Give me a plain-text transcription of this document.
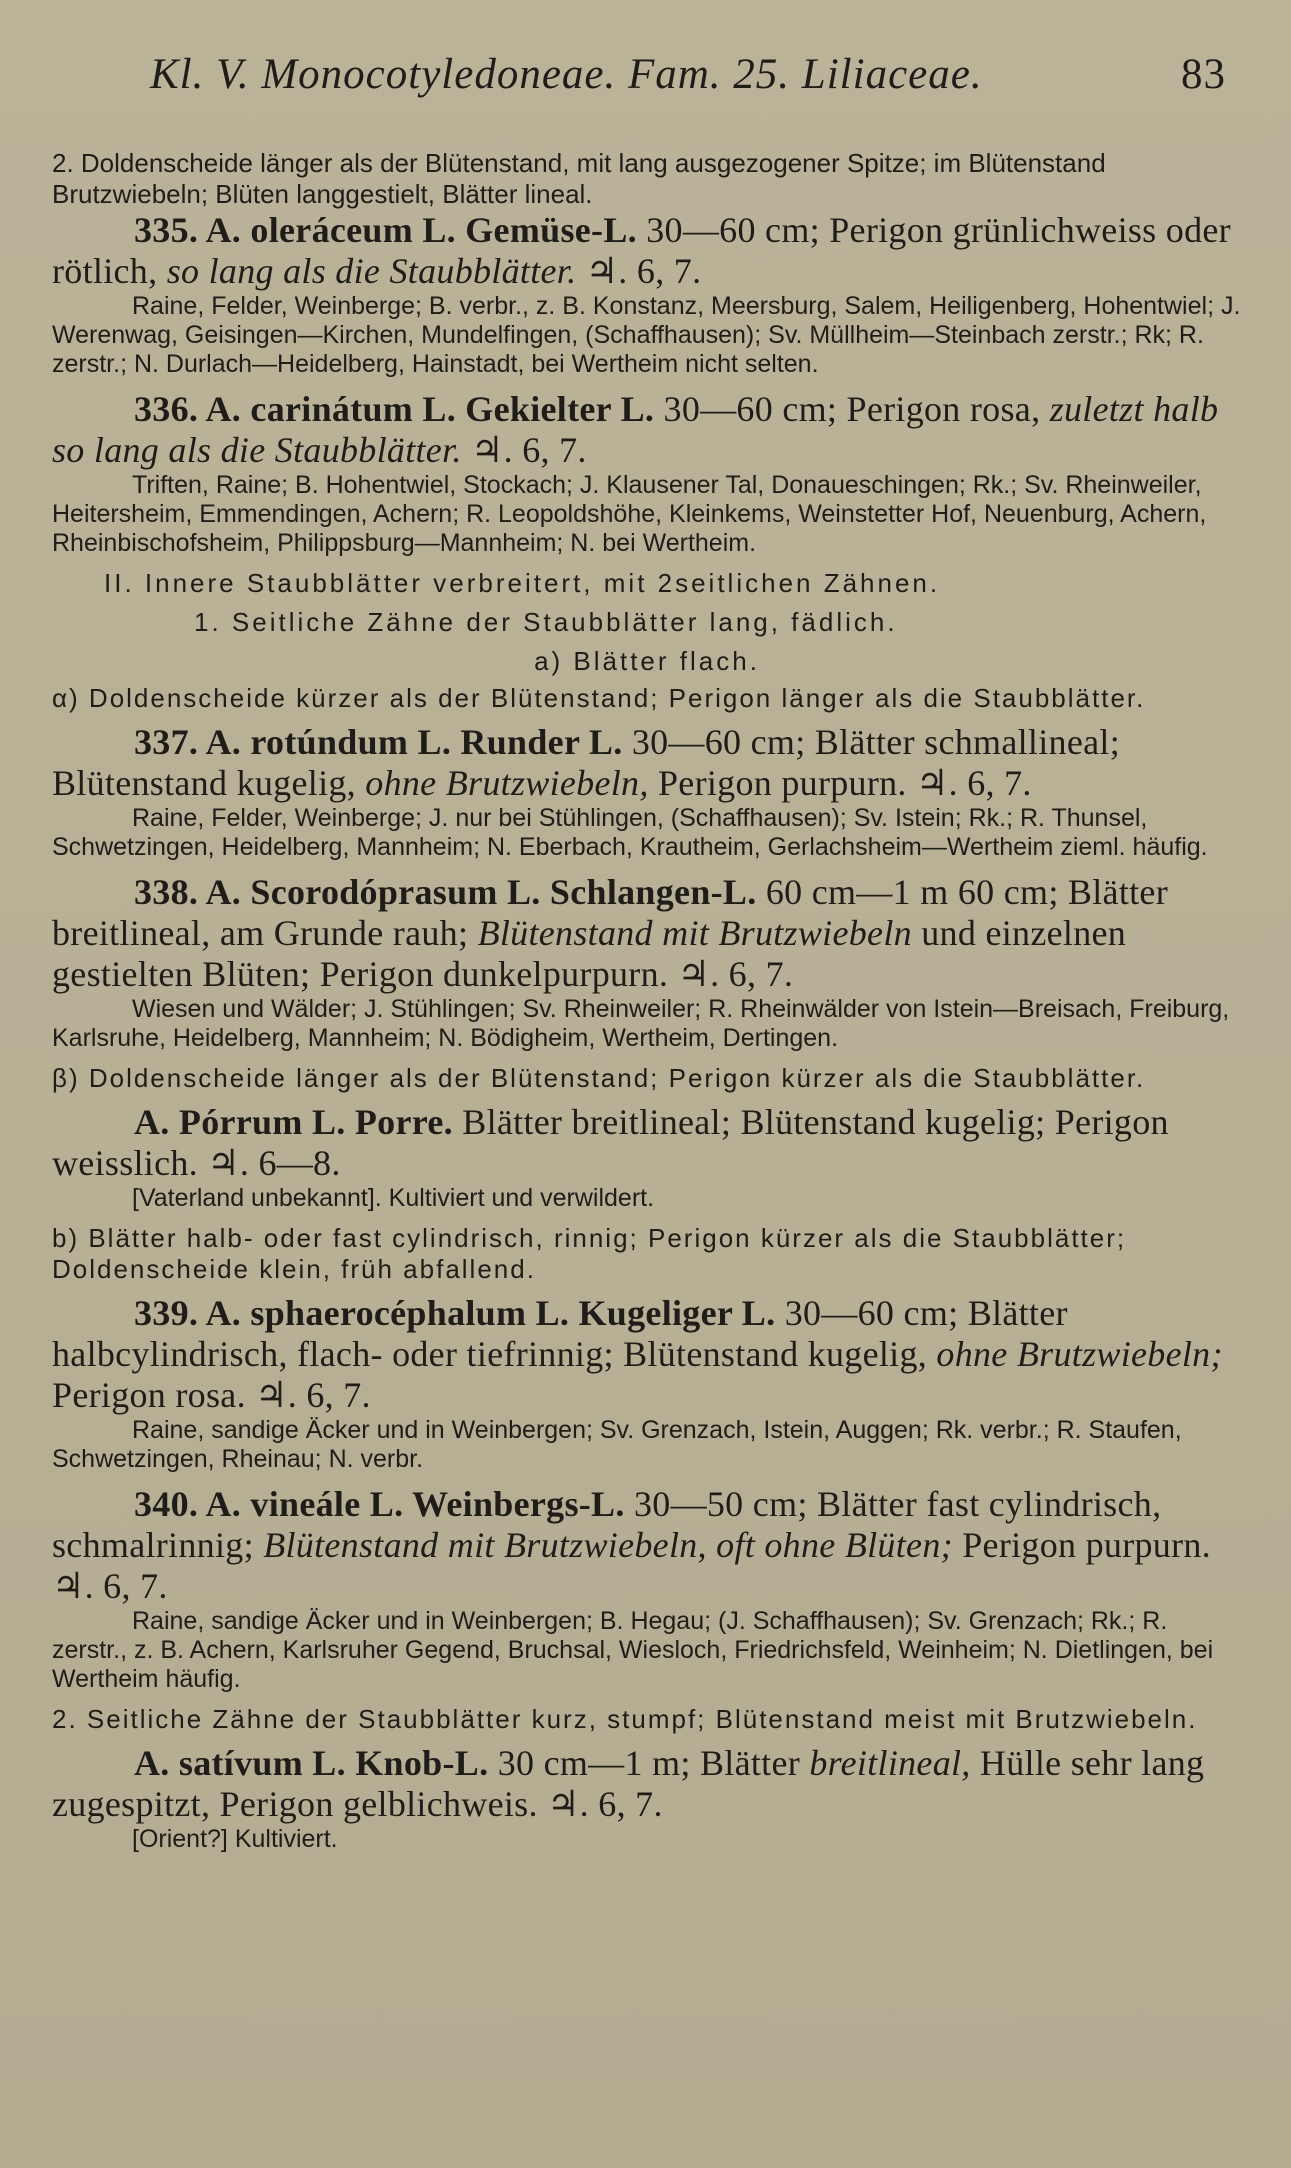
Kl. V. Monocotyledoneae. Fam. 25. Liliaceae.	83

2. Doldenscheide länger als der Blütenstand, mit lang ausgezogener Spitze; im Blütenstand Brutzwiebeln; Blüten langgestielt, Blätter lineal.

335. A. oleráceum L. Gemüse-L. 30—60 cm; Perigon grünlichweiss oder rötlich, so lang als die Staubblätter. ♃. 6, 7.

Raine, Felder, Weinberge; B. verbr., z. B. Konstanz, Meersburg, Salem, Heiligenberg, Hohentwiel; J. Werenwag, Geisingen—Kirchen, Mundelfingen, (Schaffhausen); Sv. Müllheim—Steinbach zerstr.; Rk; R. zerstr.; N. Durlach—Heidelberg, Hainstadt, bei Wertheim nicht selten.

336. A. carinátum L. Gekielter L. 30—60 cm; Perigon rosa, zuletzt halb so lang als die Staubblätter. ♃. 6, 7.

Triften, Raine; B. Hohentwiel, Stockach; J. Klausener Tal, Donaueschingen; Rk.; Sv. Rheinweiler, Heitersheim, Emmendingen, Achern; R. Leopoldshöhe, Kleinkems, Weinstetter Hof, Neuenburg, Achern, Rheinbischofsheim, Philippsburg—Mannheim; N. bei Wertheim.

II. Innere Staubblätter verbreitert, mit 2seitlichen Zähnen.

1. Seitliche Zähne der Staubblätter lang, fädlich.

a) Blätter flach.

α) Doldenscheide kürzer als der Blütenstand; Perigon länger als die Staubblätter.

337. A. rotúndum L. Runder L. 30—60 cm; Blätter schmallineal; Blütenstand kugelig, ohne Brutzwiebeln, Perigon purpurn. ♃. 6, 7.

Raine, Felder, Weinberge; J. nur bei Stühlingen, (Schaffhausen); Sv. Istein; Rk.; R. Thunsel, Schwetzingen, Heidelberg, Mannheim; N. Eberbach, Krautheim, Gerlachsheim—Wertheim zieml. häufig.

338. A. Scorodóprasum L. Schlangen-L. 60 cm—1 m 60 cm; Blätter breitlineal, am Grunde rauh; Blütenstand mit Brutzwiebeln und einzelnen gestielten Blüten; Perigon dunkelpurpurn. ♃. 6, 7.

Wiesen und Wälder; J. Stühlingen; Sv. Rheinweiler; R. Rheinwälder von Istein—Breisach, Freiburg, Karlsruhe, Heidelberg, Mannheim; N. Bödigheim, Wertheim, Dertingen.

β) Doldenscheide länger als der Blütenstand; Perigon kürzer als die Staubblätter.

A. Pórrum L. Porre. Blätter breitlineal; Blütenstand kugelig; Perigon weisslich. ♃. 6—8.

[Vaterland unbekannt]. Kultiviert und verwildert.

b) Blätter halb- oder fast cylindrisch, rinnig; Perigon kürzer als die Staubblätter; Doldenscheide klein, früh abfallend.

339. A. sphaerocéphalum L. Kugeliger L. 30—60 cm; Blätter halbcylindrisch, flach- oder tiefrinnig; Blütenstand kugelig, ohne Brutzwiebeln; Perigon rosa. ♃. 6, 7.

Raine, sandige Äcker und in Weinbergen; Sv. Grenzach, Istein, Auggen; Rk. verbr.; R. Staufen, Schwetzingen, Rheinau; N. verbr.

340. A. vineále L. Weinbergs-L. 30—50 cm; Blätter fast cylindrisch, schmalrinnig; Blütenstand mit Brutzwiebeln, oft ohne Blüten; Perigon purpurn. ♃. 6, 7.

Raine, sandige Äcker und in Weinbergen; B. Hegau; (J. Schaffhausen); Sv. Grenzach; Rk.; R. zerstr., z. B. Achern, Karlsruher Gegend, Bruchsal, Wiesloch, Friedrichsfeld, Weinheim; N. Dietlingen, bei Wertheim häufig.

2. Seitliche Zähne der Staubblätter kurz, stumpf; Blütenstand meist mit Brutzwiebeln.

A. satívum L. Knob-L. 30 cm—1 m; Blätter breitlineal, Hülle sehr lang zugespitzt, Perigon gelblichweis. ♃. 6, 7.

[Orient?] Kultiviert.
